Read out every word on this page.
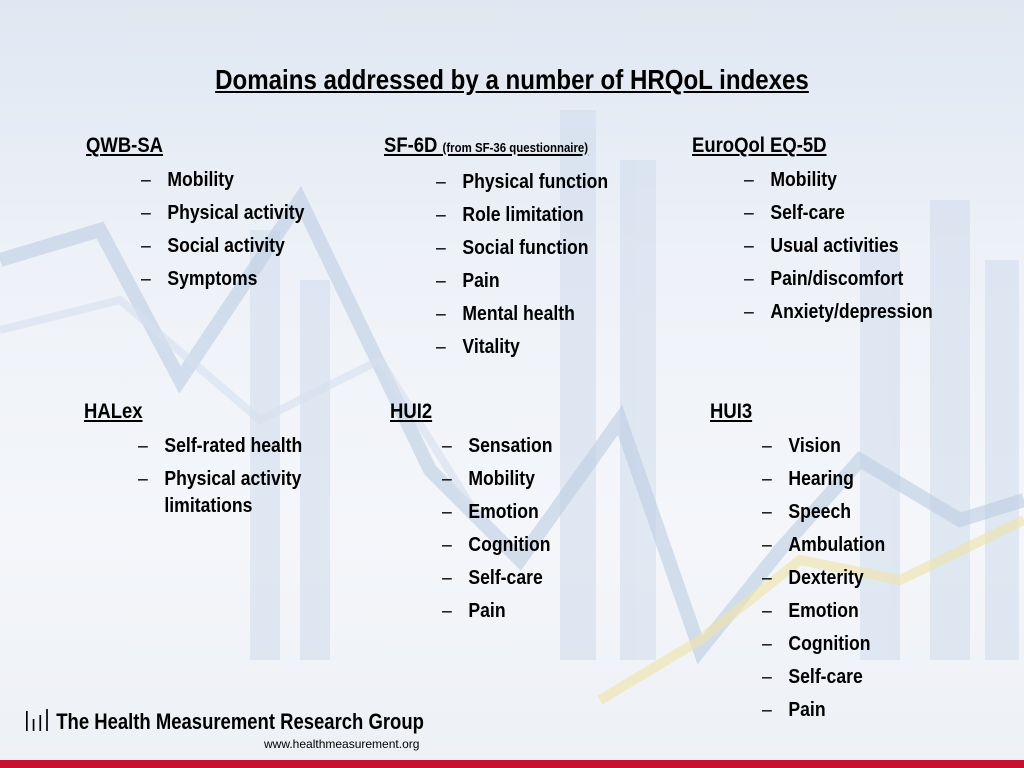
Domains addressed by a number of HRQoL indexes
QWB-SA
– Mobility
– Physical activity
– Social activity
– Symptoms
SF-6D (from SF-36 questionnaire)
– Physical function
– Role limitation
– Social function
– Pain
– Mental health
– Vitality
EuroQol EQ-5D
– Mobility
– Self-care
– Usual activities
– Pain/discomfort
– Anxiety/depression
HALex
– Self-rated health
– Physical activity limitations
HUI2
– Sensation
– Mobility
– Emotion
– Cognition
– Self-care
– Pain
HUI3
– Vision
– Hearing
– Speech
– Ambulation
– Dexterity
– Emotion
– Cognition
– Self-care
– Pain
The Health Measurement Research Group
www.healthmeasurement.org
